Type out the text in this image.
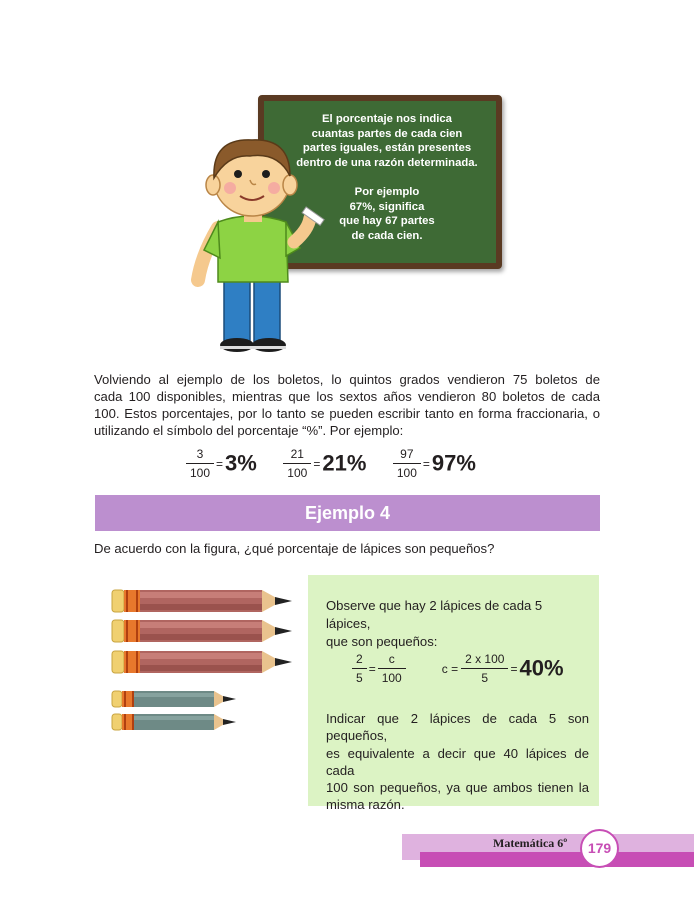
El porcentaje nos indica

cuantas partes de cada cien

partes iguales, están presentes

dentro de una razón determinada.

Por ejemplo

67%, significa

que hay 67 partes

de cada cien.

Volviendo al ejemplo de los boletos, lo quintos grados vendieron 75 boletos de
cada 100 disponibles, mientras que los sextos años vendieron 80 boletos de cada
100. Estos porcentajes, por lo tanto se pueden escribir tanto en forma fraccionaria, o
utilizando el símbolo del porcentaje “%”. Por ejemplo:
$\frac{3}{100} =3\% \frac{21}{100} =21\% \frac{97}{100} =97\%$
Ejemplo 4
De acuerdo con la figura, ¿qué porcentaje de lápices son pequeños?
Observe que hay 2 lápices de cada 5 lápices,
que son pequeños:
$\frac{2}{5} = \frac{c}{100}$	$c = \frac{2 x 100}{5} =40\%$
Indicar que 2 lápices de cada 5 son pequeños,
es equivalente a decir que 40 lápices de cada
100 son pequeños, ya que ambos tienen la
misma razón.
Matemática 6º	179
